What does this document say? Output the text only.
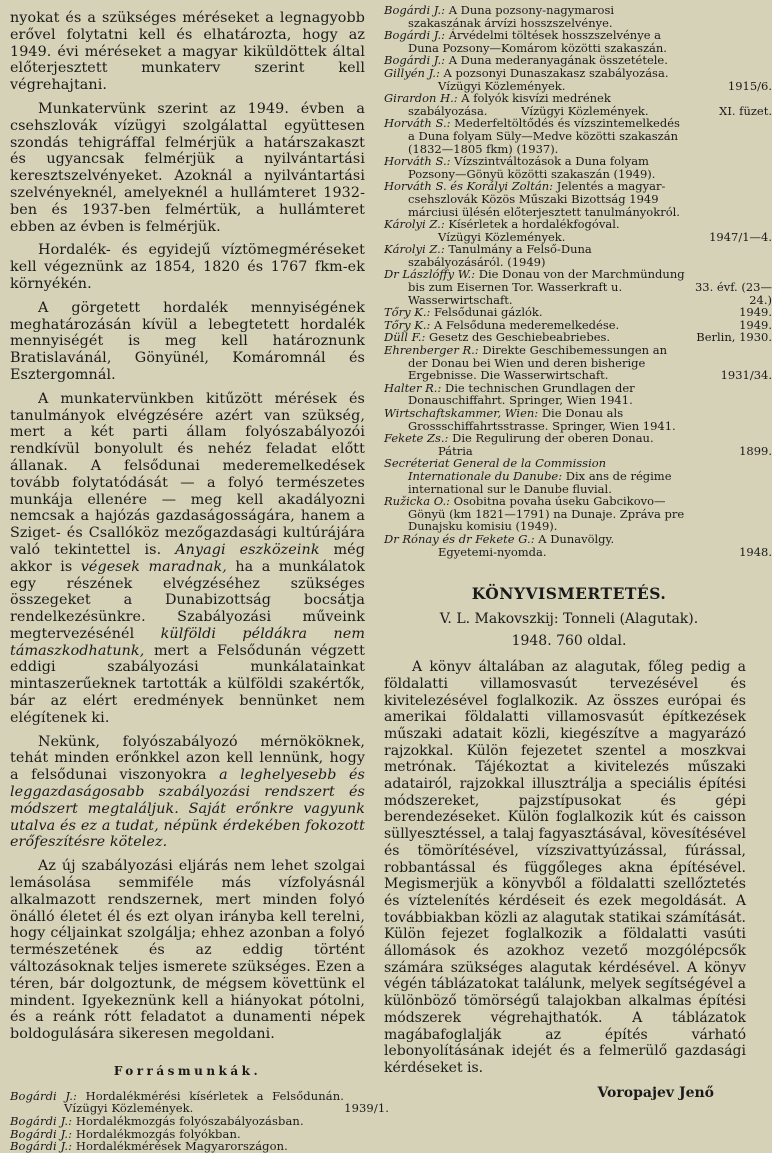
nyokat és a szükséges méréseket a legnagyobb erővel folytatni kell és elhatározta, hogy az 1949. évi méréseket a magyar kiküldöttek által előterjesztett munkaterv szerint kell végrehajtani.

Munkatervünk szerint az 1949. évben a csehszlovák vízügyi szolgálattal együttesen szondás tehigráffal felmérjük a határszakaszt és ugyancsak felmérjük a nyilvántartási keresztszelvényeket. Azoknál a nyilvántartási szelvényeknél, amelyeknél a hullámteret 1932-ben és 1937-ben felmértük, a hullámteret ebben az évben is felmérjük.

Hordalék- és egyidejű víztömegméréseket kell végeznünk az 1854, 1820 és 1767 fkm-ek környékén.

A görgetett hordalék mennyiségének meghatározásán kívül a lebegtetett hordalék mennyiségét is meg kell határoznunk Bratislavánál, Gönyünél, Komáromnál és Esztergomnál.

A munkatervünkben kitűzött mérések és tanulmányok elvégzésére azért van szükség, mert a két parti állam folyószabályozói rendkívül bonyolult és nehéz feladat előtt állanak. A felsődunai mederemelkedések tovább folytatódását — a folyó természetes munkája ellenére — meg kell akadályozni nemcsak a hajózás gazdaságosságára, hanem a Sziget- és Csallóköz mezőgazdasági kultúrájára való tekintettel is. Anyagi eszközeink még akkor is végesek maradnak, ha a munkálatok egy részének elvégzéséhez szükséges összegeket a Dunabizottság bocsátja rendelkezésünkre. Szabályozási műveink megtervezésénél külföldi példákra nem támaszkodhatunk, mert a Felsődunán végzett eddigi szabályozási munkálatainkat mintaszerűeknek tartották a külföldi szakértők, bár az elért eredmények bennünket nem elégítenek ki.

Nekünk, folyószabályozó mérnököknek, tehát minden erőnkkel azon kell lennünk, hogy a felsődunai viszonyokra a leghelyesebb és leggazdaságosabb szabályozási rendszert és módszert megtaláljuk. Saját erőnkre vagyunk utalva és ez a tudat, népünk érdekében fokozott erőfeszítésre kötelez.

Az új szabályozási eljárás nem lehet szolgai lemásolása semmiféle más vízfolyásnál alkalmazott rendszernek, mert minden folyó önálló életet él és ezt olyan irányba kell terelni, hogy céljainkat szolgálja; ehhez azonban a folyó természetének és az eddig történt változásoknak teljes ismerete szükséges. Ezen a téren, bár dolgoztunk, de mégsem követtünk el mindent. Igyekeznünk kell a hiányokat pótolni, és a reánk rótt feladatot a dunamenti népek boldogulására sikeresen megoldani.

Forrásmunkák.

Bogárdi J.: Hordalékmérési kísérletek a Felsődunán. Vízügyi Közlemények.	1939/1.

Bogárdi J.: Hordalékmozgás folyószabályozásban.

Bogárdi J.: Hordalékmozgás folyókban.

Bogárdi J.: Hordalékmérések Magyarországon.

Bogárdi J.: A Duna pozsony-nagymarosi szakaszának árvízi hosszszelvénye.

Bogárdi J.: Árvédelmi töltések hosszszelvénye a Duna Pozsony—Komárom közötti szakaszán.

Bogárdi J.: A Duna mederanyagának összetétele.

Gillyén J.: A pozsonyi Dunaszakasz szabályozása. Vízügyi Közlemények.	1915/6.

Girardon H.: A folyók kisvízi medrének szabályozása.	Vízügyi Közlemények.	XI. füzet.

Horváth S.: Mederfeltöltődés és vízszintemelkedés a Duna folyam Süly—Medve közötti szakaszán (1832—1805 fkm) (1937).

Horváth S.: Vízszintváltozások a Duna folyam Pozsony—Gönyü közötti szakaszán (1949).

Horváth S. és Korályi Zoltán: Jelentés a magyar-csehszlovák Közös Műszaki Bizottság 1949 márciusi ülésén előterjesztett tanulmányokról.

Károlyi Z.: Kísérletek a hordalékfogóval. Vízügyi Közlemények.	1947/1—4.

Károlyi Z.: Tanulmány a Felső-Duna szabályozásáról. (1949)

Dr Lászlóffy W.: Die Donau von der Marchmündung bis zum Eisernen Tor. Wasserkraft u. Wasserwirtschaft.
33. évf. (23—24.)

Tőry K.: Felsődunai gázlók.	1949.

Tőry K.: A Felsőduna mederemelkedése.	1949.

Düll F.: Gesetz des Geschiebeabriebes.	Berlin, 1930.

Ehrenberger R.: Direkte Geschibemessungen an der Donau bei Wien und deren bisherige Ergebnisse. Die Wasserwirtschaft.	1931/34.

Halter R.: Die technischen Grundlagen der Donauschiffahrt. Springer, Wien 1941.

Wirtschaftskammer, Wien: Die Donau als Grossschiffahrtsstrasse. Springer, Wien 1941.

Fekete Zs.: Die Regulirung der oberen Donau. Pátria	1899.

Secréteriat General de la Commission Internationale du Danube: Dix ans de régime international sur le Danube fluvial.

Ružicka O.: Osobitna povaha úseku Gabcikovo—Gönyü (km 1821—1791) na Dunaje. Zpráva pre Dunajsku komisiu (1949).

Dr Rónay és dr Fekete G.: A Dunavölgy. Egyetemi-nyomda.	1948.

KÖNYVISMERTETÉS.
V. L. Makovszkij: Tonneli (Alagutak).
1948. 760 oldal.

A könyv általában az alagutak, főleg pedig a földalatti villamosvasút tervezésével és kivitelezésével foglalkozik. Az összes európai és amerikai földalatti villamosvasút építkezések műszaki adatait közli, kiegészítve a magyarázó rajzokkal. Külön fejezetet szentel a moszkvai metrónak. Tájékoztat a kivitelezés műszaki adatairól, rajzokkal illusztrálja a speciális építési módszereket, pajzstípusokat és gépi berendezéseket. Külön foglalkozik kút és caisson süllyesztéssel, a talaj fagyasztásával, kövesítésével és tömörítésével, vízszivattyúzással, fúrással, robbantással és függőleges akna építésével. Megismerjük a könyvből a földalatti szellőztetés és víztelenítés kérdéseit és ezek megoldását. A továbbiakban közli az alagutak statikai számítását. Külön fejezet foglalkozik a földalatti vasúti állomások és azokhoz vezető mozgólépcsők számára szükséges alagutak kérdésével. A könyv végén táblázatokat találunk, melyek segítségével a különböző tömörségű talajokban alkalmas építési módszerek végrehajthatók. A táblázatok magábafoglalják az építés várható lebonyolításának idejét és a felmerülő gazdasági kérdéseket is.

Voropajev Jenő
